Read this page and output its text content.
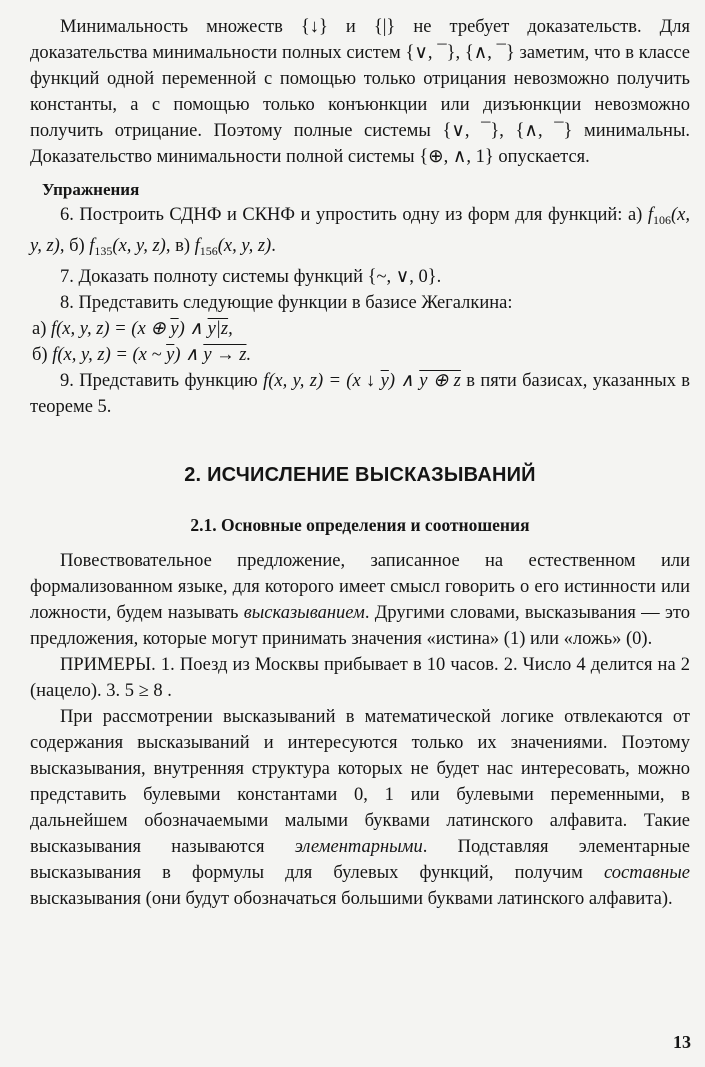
Минимальность множеств {↓} и {|} не требует доказательств. Для доказательства минимальности полных систем {∨, ¯}, {∧, ¯} заметим, что в классе функций одной переменной с помощью только отрицания невозможно получить константы, а с помощью только конъюнкции или дизъюнкции невозможно получить отрицание. Поэтому полные системы {∨, ¯}, {∧, ¯} минимальны. Доказательство минимальности полной системы {⊕, ∧, 1} опускается.

Упражнения

6. Построить СДНФ и СКНФ и упростить одну из форм для функций: а) $f_{106}(x$, y, z), б) $f_{135}(x$, y, z), в) $f_{156}(x$, y, z).

7. Доказать полноту системы функций {~, ∨, 0}.

8. Представить следующие функции в базисе Жегалкина:

а) f(x, y, z) = (x ⊕ $\overline{y}$) ∧ y|z,

б) f(x, y, z) = (x ~ $\overline{y}$) ∧ y → z.

9. Представить функцию f(x, y, z) = (x ↓ $\overline{y}$) ∧ y ⊕ z в пяти базисах, указанных в теореме 5.

2. ИСЧИСЛЕНИЕ ВЫСКАЗЫВАНИЙ
2.1. Основные определения и соотношения

Повествовательное предложение, записанное на естественном или формализованном языке, для которого имеет смысл говорить о его истинности или ложности, будем называть высказыванием. Другими словами, высказывания — это предложения, которые могут принимать значения «истина» (1) или «ложь» (0).

ПРИМЕРЫ. 1. Поезд из Москвы прибывает в 10 часов. 2. Число 4 делится на 2 (нацело). 3. 5 ≥ 8 .

При рассмотрении высказываний в математической логике отвлекаются от содержания высказываний и интересуются только их значениями. Поэтому высказывания, внутренняя структура которых не будет нас интересовать, можно представить булевыми константами 0, 1 или булевыми переменными, в дальнейшем обозначаемыми малыми буквами латинского алфавита. Такие высказывания называются элементарными. Подставляя элементарные высказывания в формулы для булевых функций, получим составные высказывания (они будут обозначаться большими буквами латинского алфавита).

13
